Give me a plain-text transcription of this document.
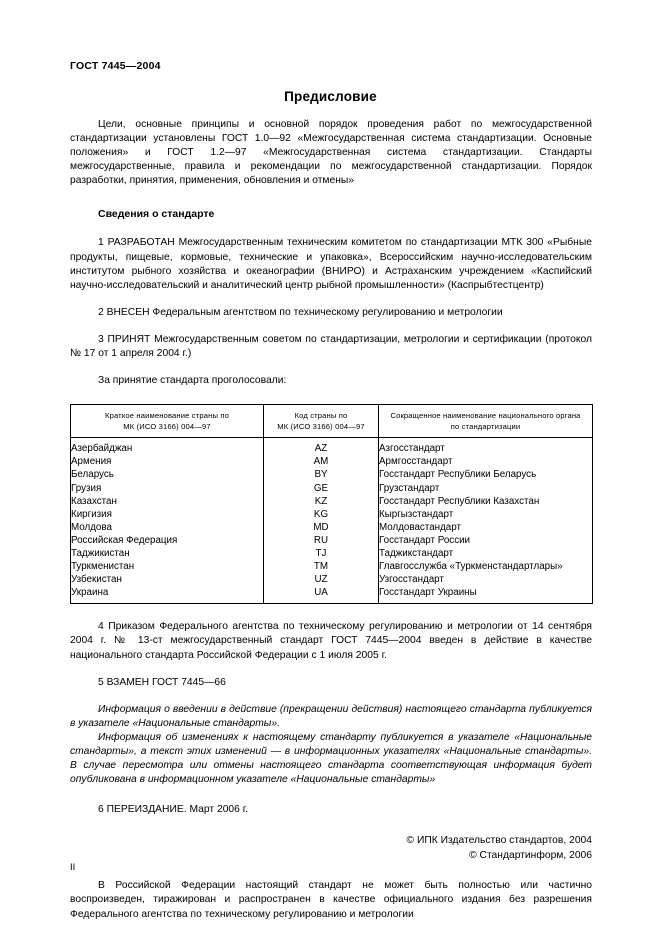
ГОСТ 7445—2004
Предисловие

Цели, основные принципы и основной порядок проведения работ по межгосударственной стандартизации установлены ГОСТ 1.0—92 «Межгосударственная система стандартизации. Основные положения» и ГОСТ 1.2—97 «Межгосударственная система стандартизации. Стандарты межгосударственные, правила и рекомендации по межгосударственной стандартизации. Порядок разработки, принятия, применения, обновления и отмены»

Сведения о стандарте

1 РАЗРАБОТАН Межгосударственным техническим комитетом по стандартизации МТК 300 «Рыбные продукты, пищевые, кормовые, технические и упаковка», Всероссийским научно-исследовательским институтом рыбного хозяйства и океанографии (ВНИРО) и Астраханским учреждением «Каспийский научно-исследовательский и аналитический центр рыбной промышленности» (Каспрыбтестцентр)

2 ВНЕСЕН Федеральным агентством по техническому регулированию и метрологии

3 ПРИНЯТ Межгосударственным советом по стандартизации, метрологии и сертификации (протокол № 17 от 1 апреля 2004 г.)

За принятие стандарта проголосовали:

Краткое наименование страны по
МК (ИСО 3166) 004—97	Код страны по
МК (ИСО 3166) 004—97	Сокращенное наименование национального органа
по стандартизации
Азербайджан	AZ	Азгосстандарт
Армения	AM	Армгосстандарт
Беларусь	BY	Госстандарт Республики Беларусь
Грузия	GE	Грузстандарт
Казахстан	KZ	Госстандарт Республики Казахстан
Киргизия	KG	Кыргызстандарт
Молдова	MD	Молдовастандарт
Российская Федерация	RU	Госстандарт России
Таджикистан	TJ	Таджикстандарт
Туркменистан	TM	Главгосслужба «Туркменстандартлары»
Узбекистан	UZ	Узгосстандарт
Украина	UA	Госстандарт Украины

4 Приказом Федерального агентства по техническому регулированию и метрологии от 14 сентября 2004 г. № 13-ст межгосударственный стандарт ГОСТ 7445—2004 введен в действие в качестве национального стандарта Российской Федерации с 1 июля 2005 г.

5 ВЗАМЕН ГОСТ 7445—66

Информация о введении в действие (прекращении действия) настоящего стандарта публикуется в указателе «Национальные стандарты».

Информация об изменениях к настоящему стандарту публикуется в указателе «Национальные стандарты», а текст этих изменений — в информационных указателях «Национальные стандарты». В случае пересмотра или отмены настоящего стандарта соответствующая информация будет опубликована в информационном указателе «Национальные стандарты»

6 ПЕРЕИЗДАНИЕ. Март 2006 г.

© ИПК Издательство стандартов, 2004
© Стандартинформ, 2006

В Российской Федерации настоящий стандарт не может быть полностью или частично воспроизведен, тиражирован и распространен в качестве официального издания без разрешения Федерального агентства по техническому регулированию и метрологии

II
